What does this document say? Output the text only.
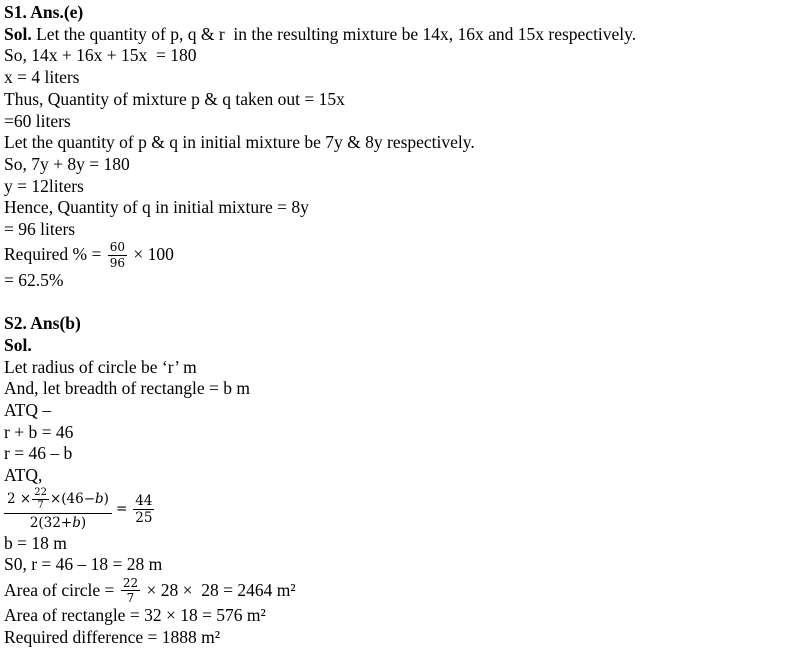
S1. Ans.(e)
Sol. Let the quantity of p, q & r  in the resulting mixture be 14x, 16x and 15x respectively.
So, 14x + 16x + 15x  = 180
x = 4 liters
Thus, Quantity of mixture p & q taken out = 15x
=60 liters
Let the quantity of p & q in initial mixture be 7y & 8y respectively.
So, 7y + 8y = 180
y = 12liters
Hence, Quantity of q in initial mixture = 8y
= 96 liters
Required % = $\frac{60}{96} \times 100$
= 62.5%
S2. Ans(b)
Sol.
Let radius of circle be ‘r’ m
And, let breadth of rectangle = b m
ATQ –
r + b = 46
r = 46 – b
ATQ,
$2 \times \frac{22}{7} \times(46- b$ )
2(32+b)
= $\frac{44}{25}$
b = 18 m
S0, r = 46 – 18 = 28 m
Area of circle = $\frac{22}{7} \times 28 \times 28 = 2464$ m²
Area of rectangle = 32 × 18 = 576 m²
Required difference = 1888 m²
